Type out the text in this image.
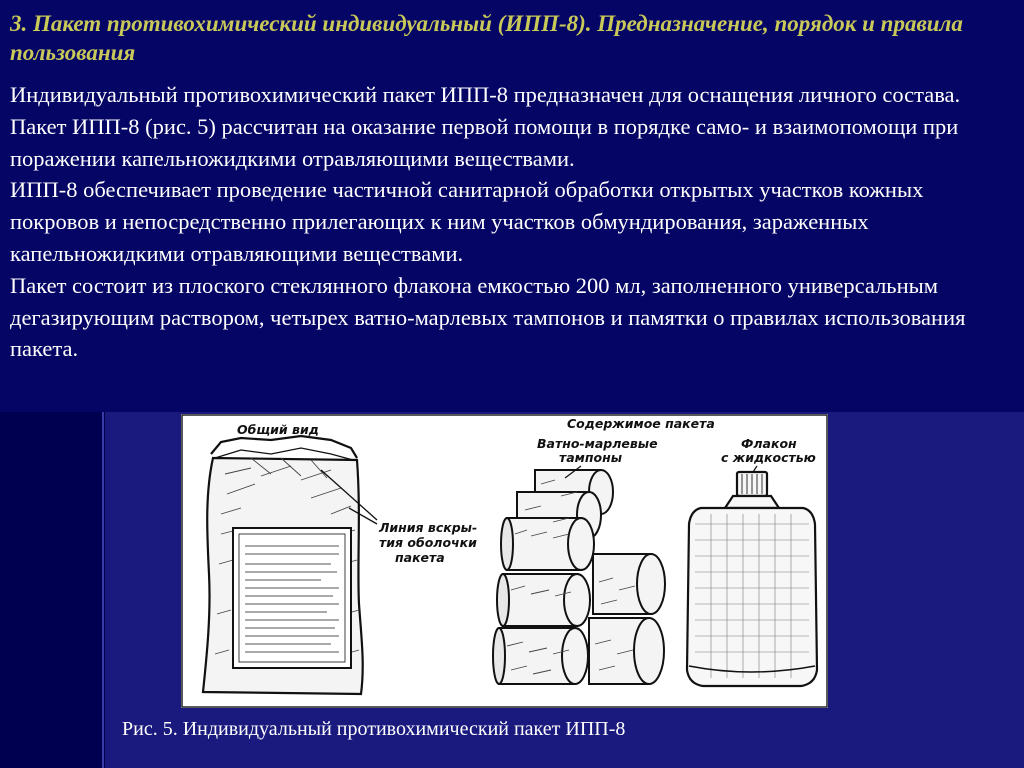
3. Пакет противохимический индивидуальный (ИПП-8). Предназначение, порядок и правила пользования

Индивидуальный противохимический пакет ИПП-8 предназначен для оснащения личного состава.

Пакет ИПП-8 (рис. 5) рассчитан на оказание первой помощи в порядке само- и взаимопомощи при поражении капельножидкими отравляющими веществами.

ИПП-8 обеспечивает проведение частичной санитарной обработки открытых участков кожных покровов и непосредственно прилегающих к ним участков обмундирования, зараженных капельножидкими отравляющими веществами.

Пакет состоит из плоского стеклянного флакона емкостью 200 мл, заполненного универсальным дегазирующим раствором, четырех ватно-марлевых тампонов и памятки о правилах использования пакета.

Общий вид
Линия вскры-
тия оболочки
пакета
Содержимое пакета
Ватно-марлевые
тампоны
Флакон
с жидкостью

Рис. 5. Индивидуальный противохимический пакет ИПП-8
